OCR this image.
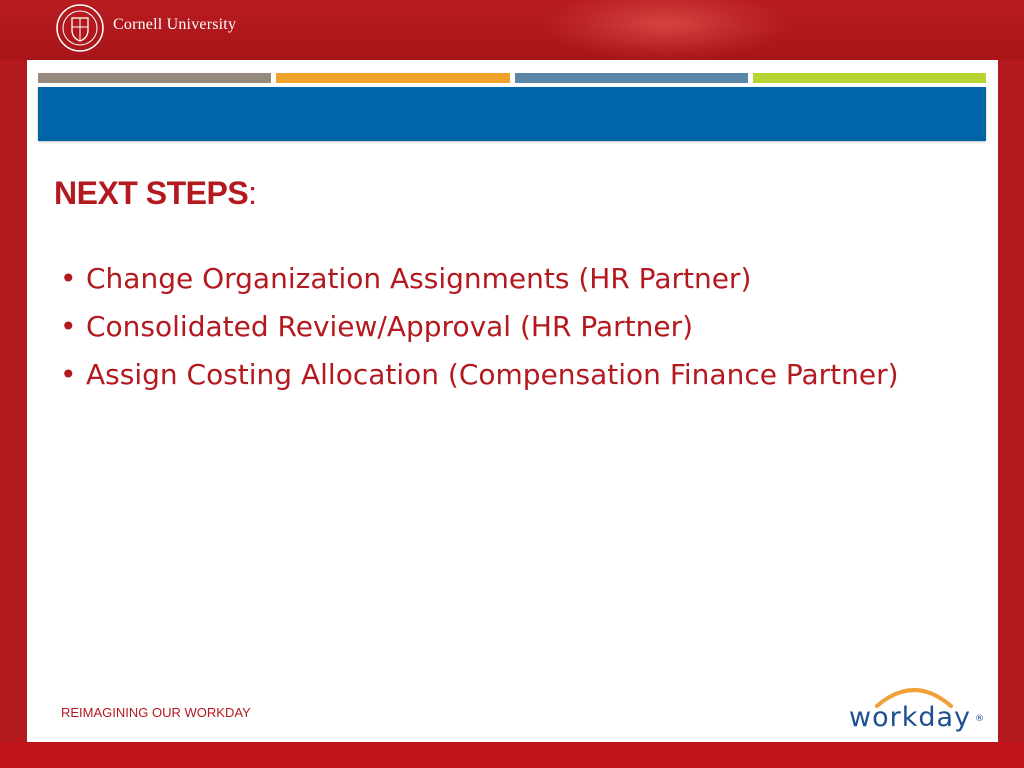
Cornell University
NEXT STEPS:
• Change Organization Assignments (HR Partner)
• Consolidated Review/Approval (HR Partner)
• Assign Costing Allocation (Compensation Finance Partner)
REIMAGINING OUR WORKDAY	workday ®
